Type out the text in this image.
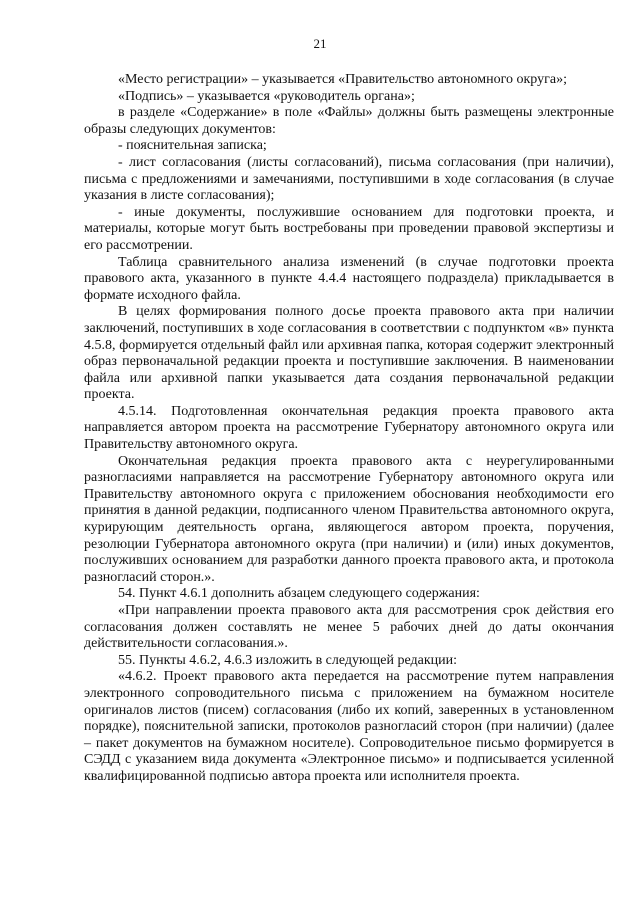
21

«Место регистрации» – указывается «Правительство автономного округа»;

«Подпись» – указывается «руководитель органа»;

в разделе «Содержание» в поле «Файлы» должны быть размещены электронные образы следующих документов:

- пояснительная записка;

- лист согласования (листы согласований), письма согласования (при наличии), письма с предложениями и замечаниями, поступившими в ходе согласования (в случае указания в листе согласования);

- иные документы, послужившие основанием для подготовки проекта, и материалы, которые могут быть востребованы при проведении правовой экспертизы и его рассмотрении.

Таблица сравнительного анализа изменений (в случае подготовки проекта правового акта, указанного в пункте 4.4.4 настоящего подраздела) прикладывается в формате исходного файла.

В целях формирования полного досье проекта правового акта при наличии заключений, поступивших в ходе согласования в соответствии с подпунктом «в» пункта 4.5.8, формируется отдельный файл или архивная папка, которая содержит электронный образ первоначальной редакции проекта и поступившие заключения. В наименовании файла или архивной папки указывается дата создания первоначальной редакции проекта.

4.5.14. Подготовленная окончательная редакция проекта правового акта направляется автором проекта на рассмотрение Губернатору автономного округа или Правительству автономного округа.

Окончательная редакция проекта правового акта с неурегулированными разногласиями направляется на рассмотрение Губернатору автономного округа или Правительству автономного округа с приложением обоснования необходимости его принятия в данной редакции, подписанного членом Правительства автономного округа, курирующим деятельность органа, являющегося автором проекта, поручения, резолюции Губернатора автономного округа (при наличии) и (или) иных документов, послуживших основанием для разработки данного проекта правового акта, и протокола разногласий сторон.».

54. Пункт 4.6.1 дополнить абзацем следующего содержания:

«При направлении проекта правового акта для рассмотрения срок действия его согласования должен составлять не менее 5 рабочих дней до даты окончания действительности согласования.».

55. Пункты 4.6.2, 4.6.3 изложить в следующей редакции:

«4.6.2. Проект правового акта передается на рассмотрение путем направления электронного сопроводительного письма с приложением на бумажном носителе оригиналов листов (писем) согласования (либо их копий, заверенных в установленном порядке), пояснительной записки, протоколов разногласий сторон (при наличии) (далее – пакет документов на бумажном носителе). Сопроводительное письмо формируется в СЭДД с указанием вида документа «Электронное письмо» и подписывается усиленной квалифицированной подписью автора проекта или исполнителя проекта.
